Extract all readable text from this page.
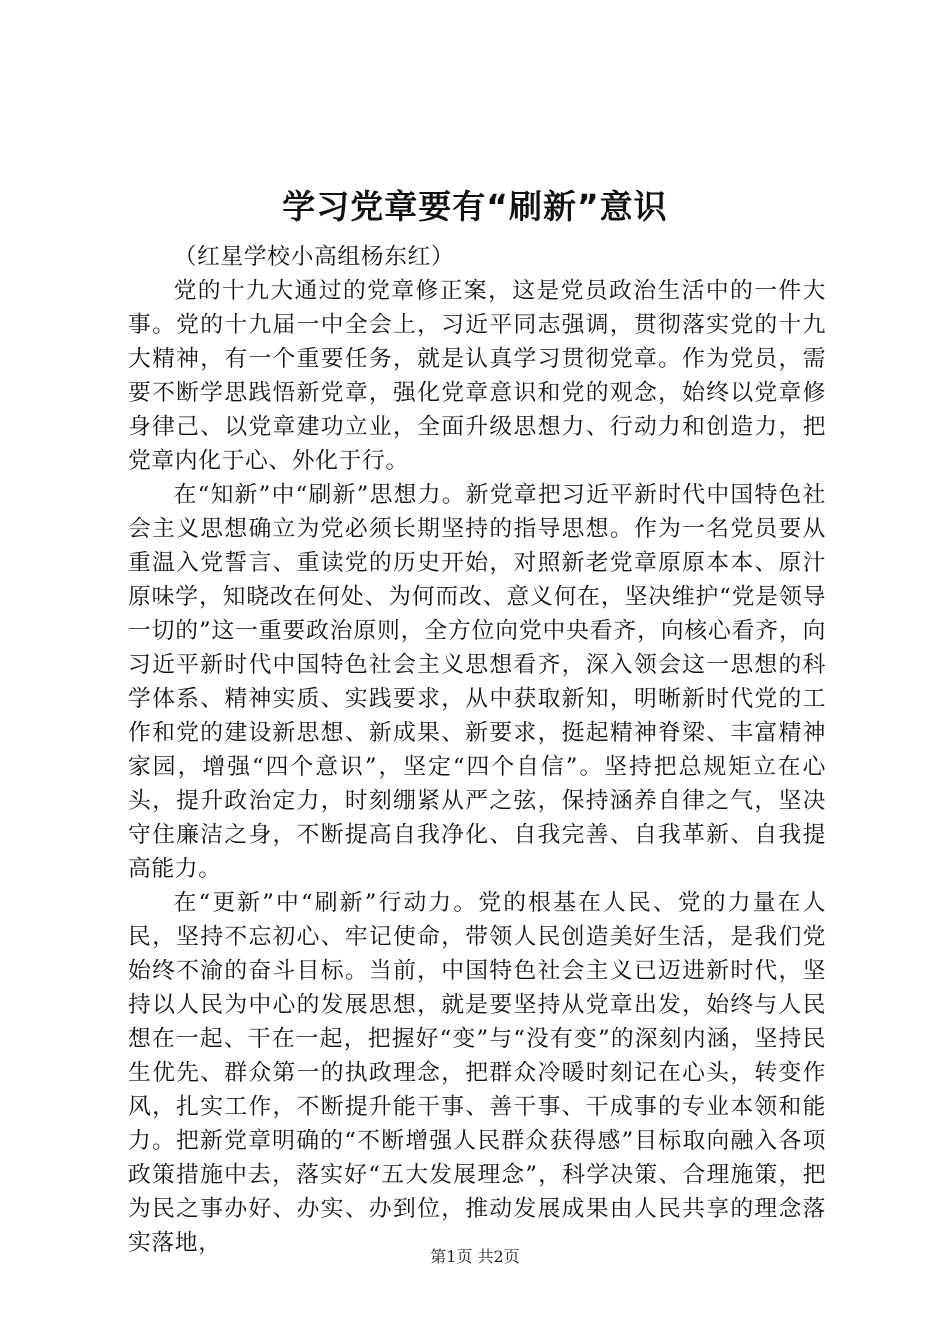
学习党章要有“刷新”意识

（红星学校小高组杨东红）

党的十九大通过的党章修正案，这是党员政治生活中的一件大事。党的十九届一中全会上，习近平同志强调，贯彻落实党的十九大精神，有一个重要任务，就是认真学习贯彻党章。作为党员，需要不断学思践悟新党章，强化党章意识和党的观念，始终以党章修身律己、以党章建功立业，全面升级思想力、行动力和创造力，把党章内化于心、外化于行。

在“知新”中“刷新”思想力。新党章把习近平新时代中国特色社会主义思想确立为党必须长期坚持的指导思想。作为一名党员要从重温入党誓言、重读党的历史开始，对照新老党章原原本本、原汁原味学，知晓改在何处、为何而改、意义何在，坚决维护“党是领导一切的”这一重要政治原则，全方位向党中央看齐，向核心看齐，向习近平新时代中国特色社会主义思想看齐，深入领会这一思想的科学体系、精神实质、实践要求，从中获取新知，明晰新时代党的工作和党的建设新思想、新成果、新要求，挺起精神脊梁、丰富精神家园，增强“四个意识”，坚定“四个自信”。坚持把总规矩立在心头，提升政治定力，时刻绷紧从严之弦，保持涵养自律之气，坚决守住廉洁之身，不断提高自我净化、自我完善、自我革新、自我提高能力。

在“更新”中“刷新”行动力。党的根基在人民、党的力量在人民，坚持不忘初心、牢记使命，带领人民创造美好生活，是我们党始终不渝的奋斗目标。当前，中国特色社会主义已迈进新时代，坚持以人民为中心的发展思想，就是要坚持从党章出发，始终与人民想在一起、干在一起，把握好“变”与“没有变”的深刻内涵，坚持民生优先、群众第一的执政理念，把群众冷暖时刻记在心头，转变作风，扎实工作，不断提升能干事、善干事、干成事的专业本领和能力。把新党章明确的“不断增强人民群众获得感”目标取向融入各项政策措施中去，落实好“五大发展理念”，科学决策、合理施策，把为民之事办好、办实、办到位，推动发展成果由人民共享的理念落实落地，

第1页 共2页
